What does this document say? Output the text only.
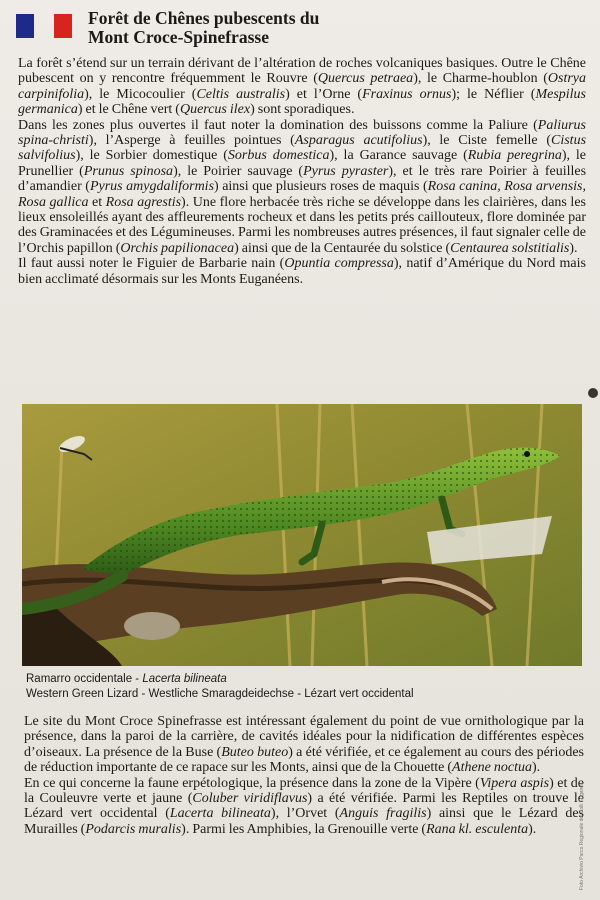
Forêt de Chênes pubescents du
Mont Croce-Spinefrasse

La forêt s’étend sur un terrain dérivant de l’altération de roches volcaniques basiques. Outre le Chêne pubescent on y rencontre fréquemment le Rouvre (Quercus petraea), le Charme-houblon (Ostrya carpinifolia), le Micocoulier (Celtis australis) et l’Orne (Fraxinus ornus); le Néflier (Mespilus germanica) et le Chêne vert (Quercus ilex) sont sporadiques.

Dans les zones plus ouvertes il faut noter la domination des buissons comme la Paliure (Paliurus spina-christi), l’Asperge à feuilles pointues (Asparagus acutifolius), le Ciste femelle (Cistus salvifolius), le Sorbier domestique (Sorbus domestica), la Garance sauvage (Rubia peregrina), le Prunellier (Prunus spinosa), le Poirier sauvage (Pyrus pyraster), et le très rare Poirier à feuilles d’amandier (Pyrus amygdaliformis) ainsi que plusieurs roses de maquis (Rosa canina, Rosa arvensis, Rosa gallica et Rosa agrestis). Une flore herbacée très riche se développe dans les clairières, dans les lieux ensoleillés ayant des affleurements rocheux et dans les petits prés caillouteux, flore dominée par des Graminacées et des Légumineuses. Parmi les nombreuses autres présences, il faut signaler celle de l’Orchis papillon (Orchis papilionacea) ainsi que de la Centaurée du solstice (Centaurea solstitialis).

Il faut aussi noter le Figuier de Barbarie nain (Opuntia compressa), natif d’Amérique du Nord mais bien acclimaté désormais sur les Monts Euganéens.

Ramarro occidentale - Lacerta bilineata
Western Green Lizard - Westliche Smaragdeidechse - Lézart vert occidental

Le site du Mont Croce Spinefrasse est intéressant également du point de vue ornithologique par la présence, dans la paroi de la carrière, de cavités idéales pour la nidification de différentes espèces d’oiseaux. La présence de la Buse (Buteo buteo) a été vérifiée, et ce également au cours des périodes de réduction importante de ce rapace sur les Monts, ainsi que de la Chouette (Athene noctua).

En ce qui concerne la faune erpétologique, la présence dans la zone de la Vipère (Vipera aspis) et de la Couleuvre verte et jaune (Coluber viridiflavus) a été vérifiée. Parmi les Reptiles on trouve le Lézard vert occidental (Lacerta bilineata), l’Orvet (Anguis fragilis) ainsi que le Lézard des Murailles (Podarcis muralis). Parmi les Amphibies, la Grenouille verte (Rana kl. esculenta).	Foto Archivio Parco Regionale dei Colli Euganei
